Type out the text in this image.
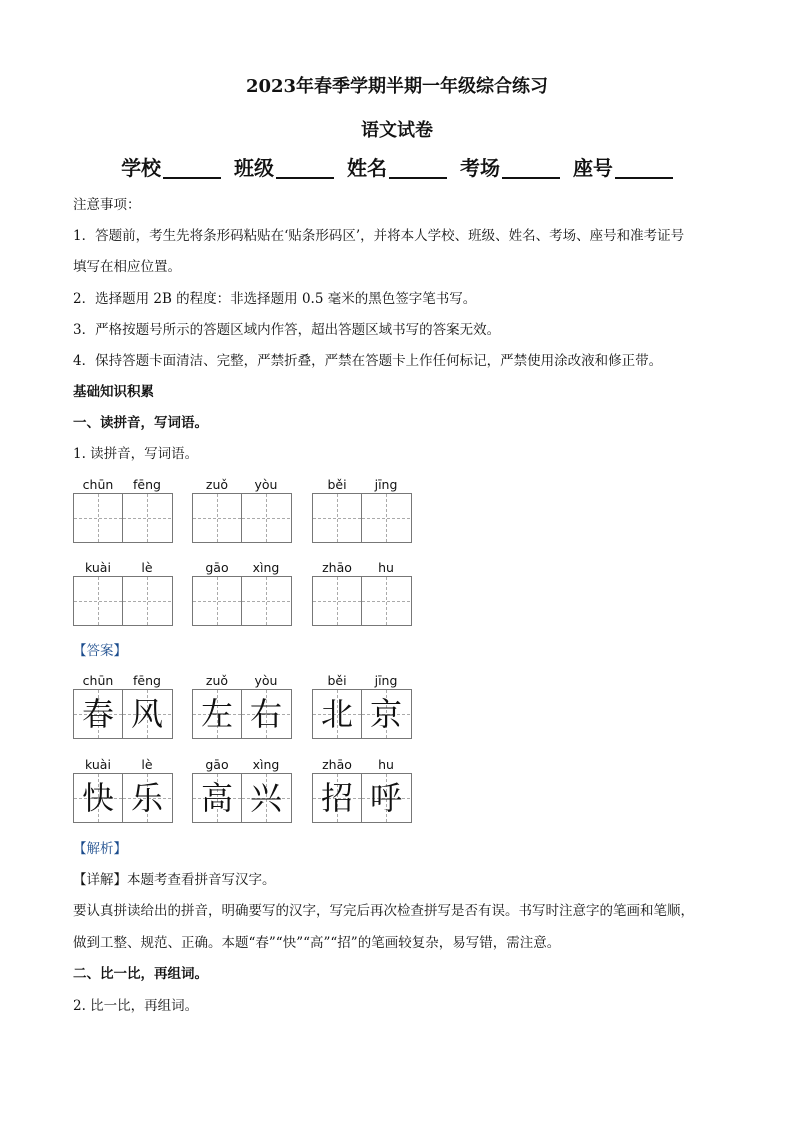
2023年春季学期半期一年级综合练习
语文试卷
学校	班级	姓名	考场	座号
注意事项：
1．答题前，考生先将条形码粘贴在‘贴条形码区’，并将本人学校、班级、姓名、考场、座号和准考证号
填写在相应位置。
2．选择题用 2B 的程度：非选择题用 0.5 毫米的黑色签字笔书写。
3．严格按题号所示的答题区域内作答，超出答题区域书写的答案无效。
4．保持答题卡面清洁、完整，严禁折叠，严禁在答题卡上作任何标记，严禁使用涂改液和修正带。
基础知识积累
一、读拼音，写词语。
1. 读拼音，写词语。
chūn	fēng	zuǒ	yòu	běi	jīng
kuài	lè	gāo	xìng	zhāo	hu
【答案】
chūn	fēng
春 风
zuǒ	yòu
左 右
běi	jīng
北 京
kuài	lè
快 乐
gāo	xìng
高 兴
zhāo	hu
招 呼
【解析】
【详解】本题考查看拼音写汉字。
要认真拼读给出的拼音，明确要写的汉字，写完后再次检查拼写是否有误。书写时注意字的笔画和笔顺，
做到工整、规范、正确。本题“春”“快”“高”“招”的笔画较复杂，易写错，需注意。
二、比一比，再组词。
2. 比一比，再组词。
